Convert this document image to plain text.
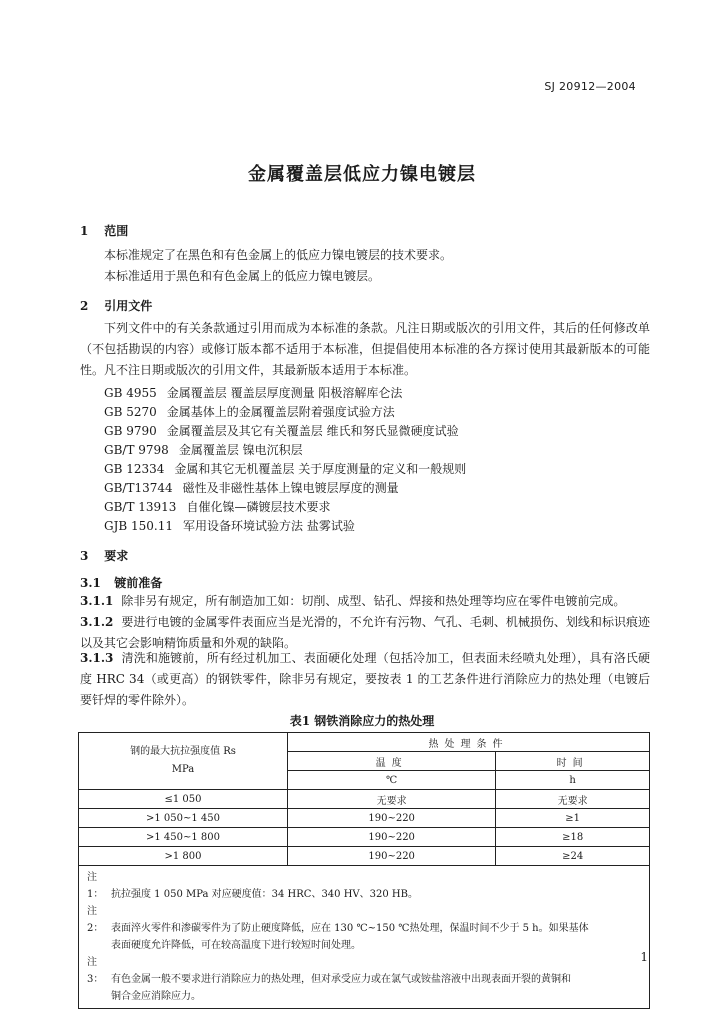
SJ 20912—2004
金属覆盖层低应力镍电镀层
1 范围
本标准规定了在黑色和有色金属上的低应力镍电镀层的技术要求。
本标准适用于黑色和有色金属上的低应力镍电镀层。
2 引用文件
下列文件中的有关条款通过引用而成为本标准的条款。凡注日期或版次的引用文件，其后的任何修改单（不包括勘误的内容）或修订版本都不适用于本标准，但提倡使用本标准的各方探讨使用其最新版本的可能性。凡不注日期或版次的引用文件，其最新版本适用于本标准。
GB 4955 金属覆盖层 覆盖层厚度测量 阳极溶解库仑法
GB 5270 金属基体上的金属覆盖层附着强度试验方法
GB 9790 金属覆盖层及其它有关覆盖层 维氏和努氏显微硬度试验
GB/T 9798 金属覆盖层 镍电沉积层
GB 12334 金属和其它无机覆盖层 关于厚度测量的定义和一般规则
GB/T13744 磁性及非磁性基体上镍电镀层厚度的测量
GB/T 13913 自催化镍—磷镀层技术要求
GJB 150.11 军用设备环境试验方法 盐雾试验
3 要求
3.1 镀前准备
3.1.1 除非另有规定，所有制造加工如：切削、成型、钻孔、焊接和热处理等均应在零件电镀前完成。
3.1.2 要进行电镀的金属零件表面应当是光滑的，不允许有污物、气孔、毛刺、机械损伤、划线和标识痕迹以及其它会影响精饰质量和外观的缺陷。
3.1.3 清洗和施镀前，所有经过机加工、表面硬化处理（包括冷加工，但表面未经喷丸处理），具有洛氏硬度 HRC 34（或更高）的钢铁零件，除非另有规定，要按表 1 的工艺条件进行消除应力的热处理（电镀后要钎焊的零件除外）。
表1 钢铁消除应力的热处理
钢的最大抗拉强度值 Rs
MPa	热处理条件	
	温度	时间
	℃	h
≤1 050	无要求	无要求
>1 050~1 450	190~220	≥1
>1 450~1 800	190~220	≥18
>1 800	190~220	≥24

注 1： 抗拉强度 1 050 MPa 对应硬度值：34 HRC、340 HV、320 HB。
注 2： 表面淬火零件和渗碳零件为了防止硬度降低，应在 130 ℃~150 ℃热处理，保温时间不少于 5 h。如果基体
表面硬度允许降低，可在较高温度下进行较短时间处理。
注 3： 有色金属一般不要求进行消除应力的热处理，但对承受应力或在氯气或铵盐溶液中出现表面开裂的黄铜和
铜合金应消除应力。		
1
